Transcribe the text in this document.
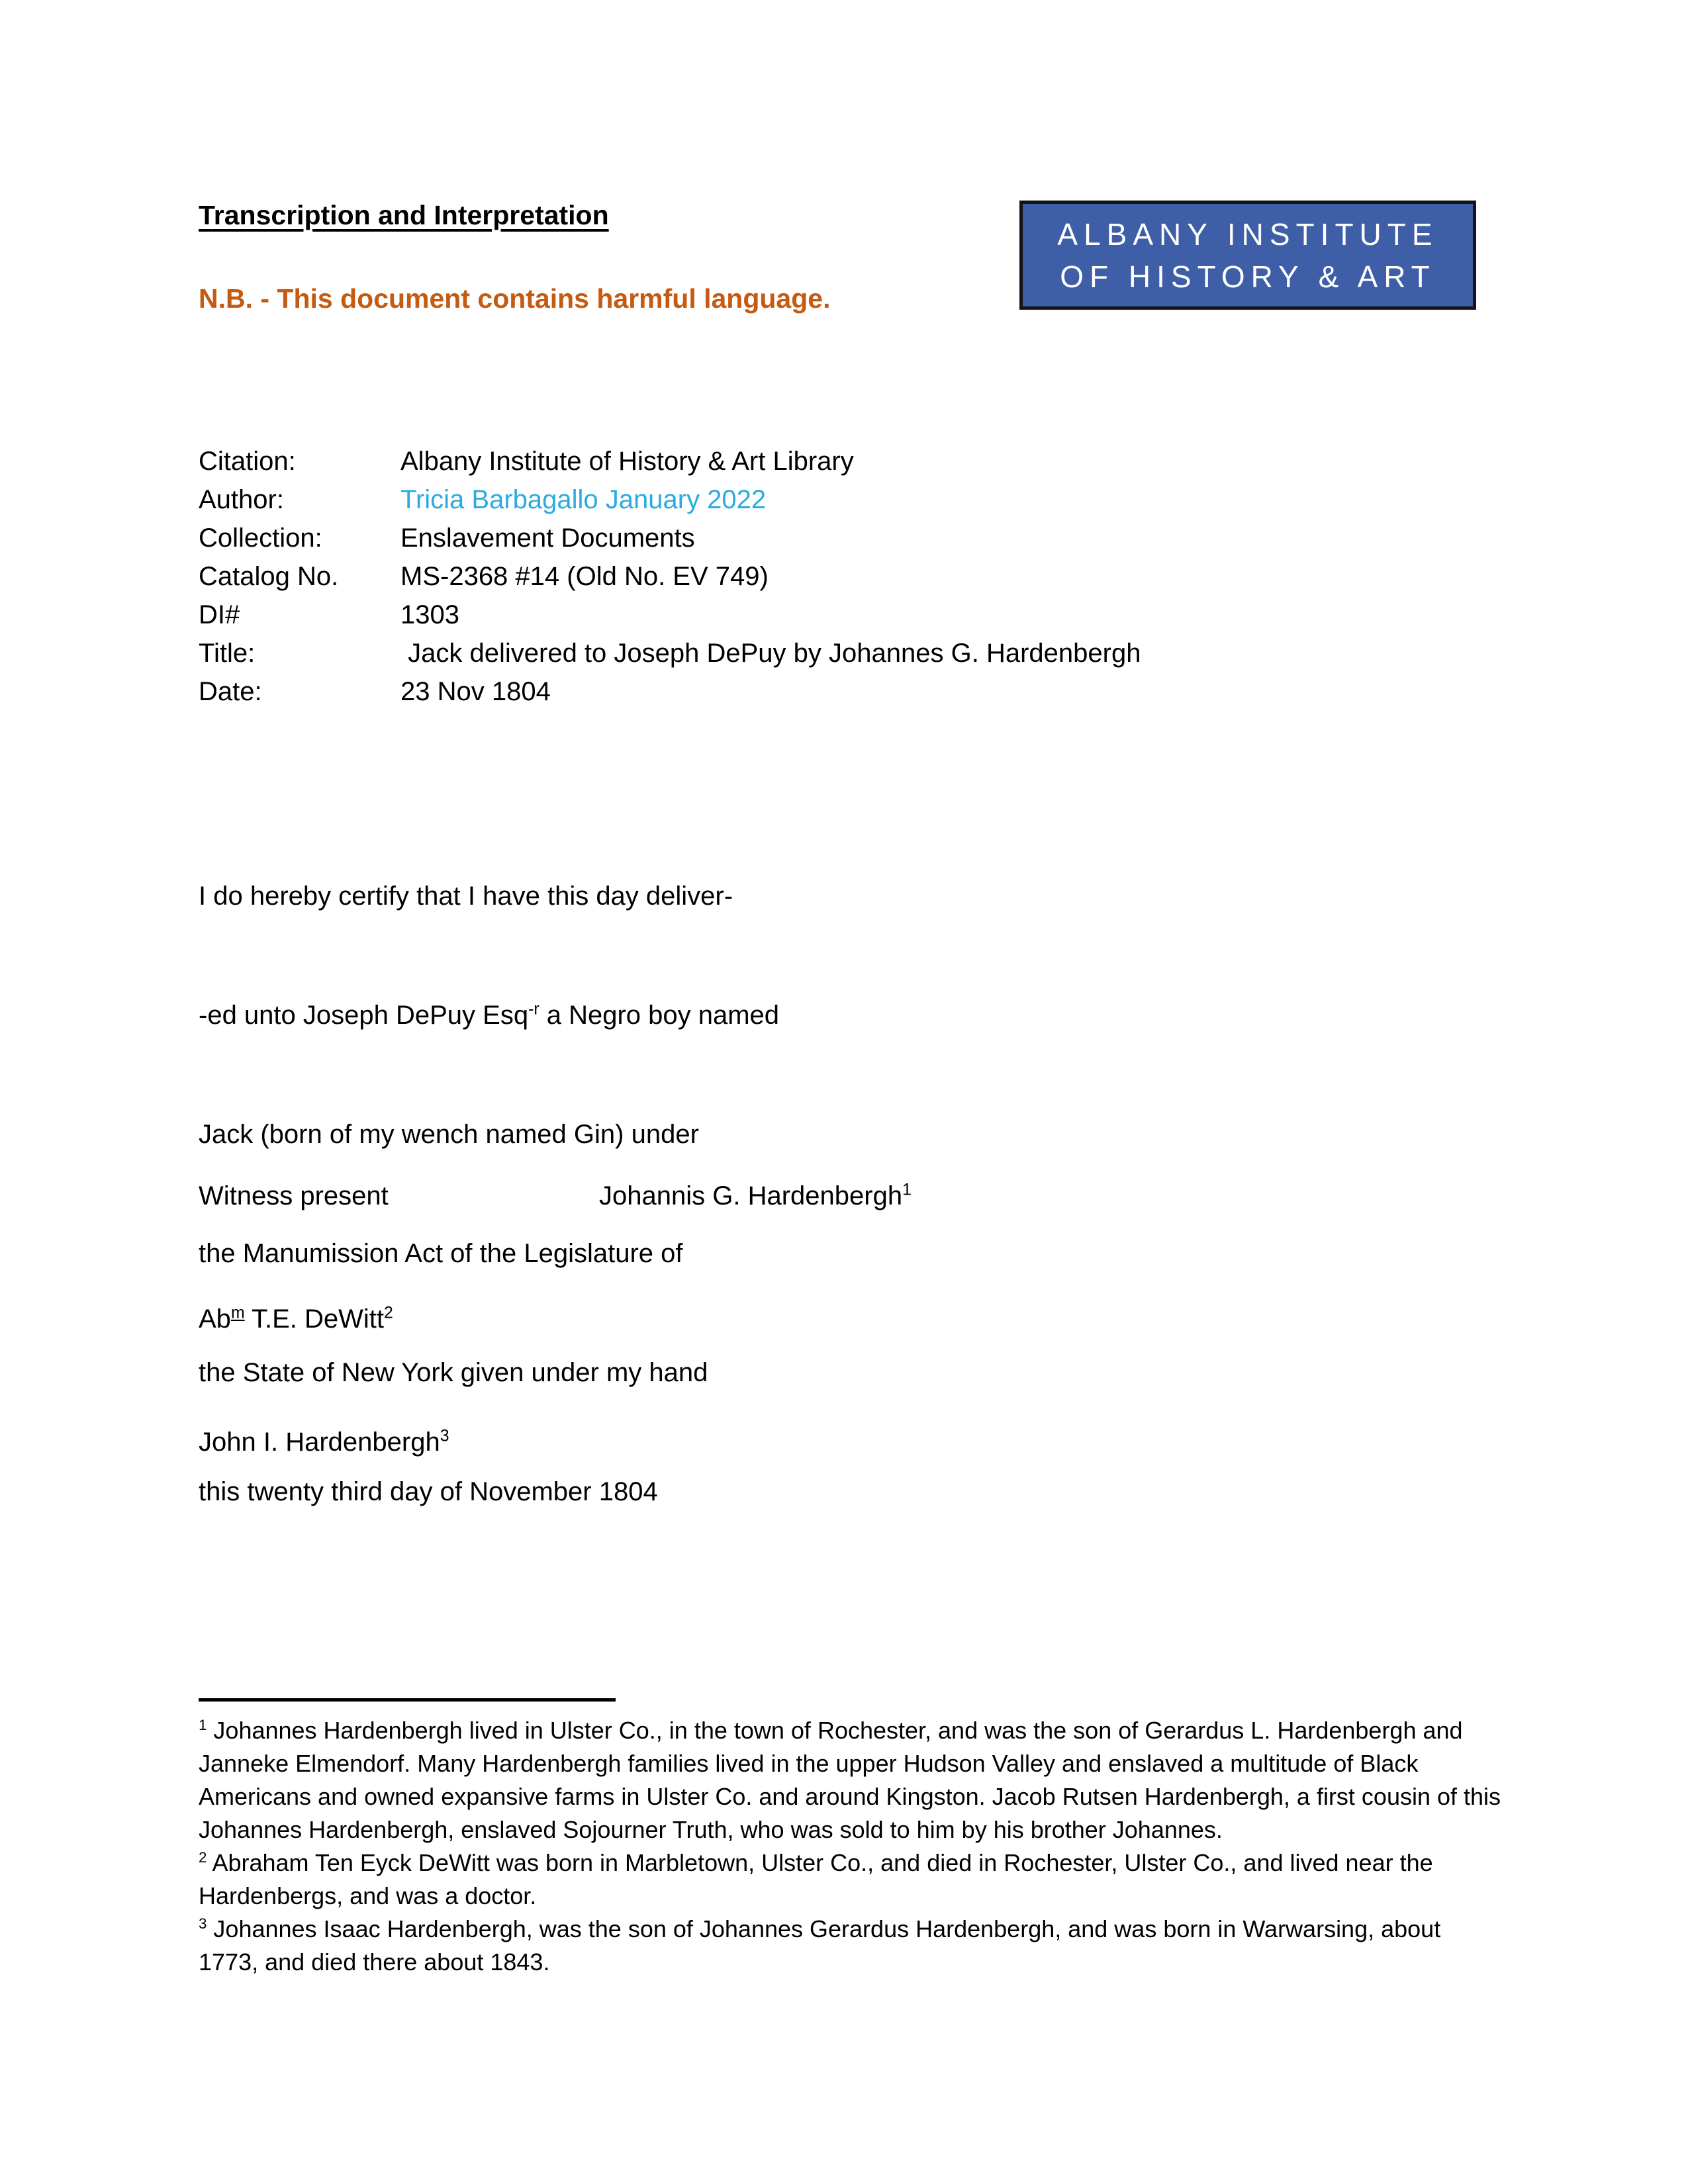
Transcription and Interpretation

N.B. - This document contains harmful language.

ALBANY INSTITUTE
OF HISTORY & ART
Citation:	Albany Institute of History & Art Library
Author:	Tricia Barbagallo January 2022
Collection:	Enslavement Documents
Catalog No.	MS-2368 #14 (Old No. EV 749)
DI#	1303
Title:	Jack delivered to Joseph DePuy by Johannes G. Hardenbergh
Date:	23 Nov 1804

I do hereby certify that I have this day deliver-

-ed unto Joseph DePuy Esq$^{-r}$ a Negro boy named

Jack (born of my wench named Gin) under

the Manumission Act of the Legislature of

the State of New York given under my hand

this twenty third day of November 1804

Witness present	Johannis G. Hardenbergh$^1$

Ab$^m$ T.E. DeWitt$^2$

John I. Hardenbergh$^3$

$^1$ Johannes Hardenbergh lived in Ulster Co., in the town of Rochester, and was the son of Gerardus L. Hardenbergh and Janneke Elmendorf. Many Hardenbergh families lived in the upper Hudson Valley and enslaved a multitude of Black Americans and owned expansive farms in Ulster Co. and around Kingston. Jacob Rutsen Hardenbergh, a first cousin of this Johannes Hardenbergh, enslaved Sojourner Truth, who was sold to him by his brother Johannes.

$^2$ Abraham Ten Eyck DeWitt was born in Marbletown, Ulster Co., and died in Rochester, Ulster Co., and lived near the Hardenbergs, and was a doctor.

$^3$ Johannes Isaac Hardenbergh, was the son of Johannes Gerardus Hardenbergh, and was born in Warwarsing, about 1773, and died there about 1843.
